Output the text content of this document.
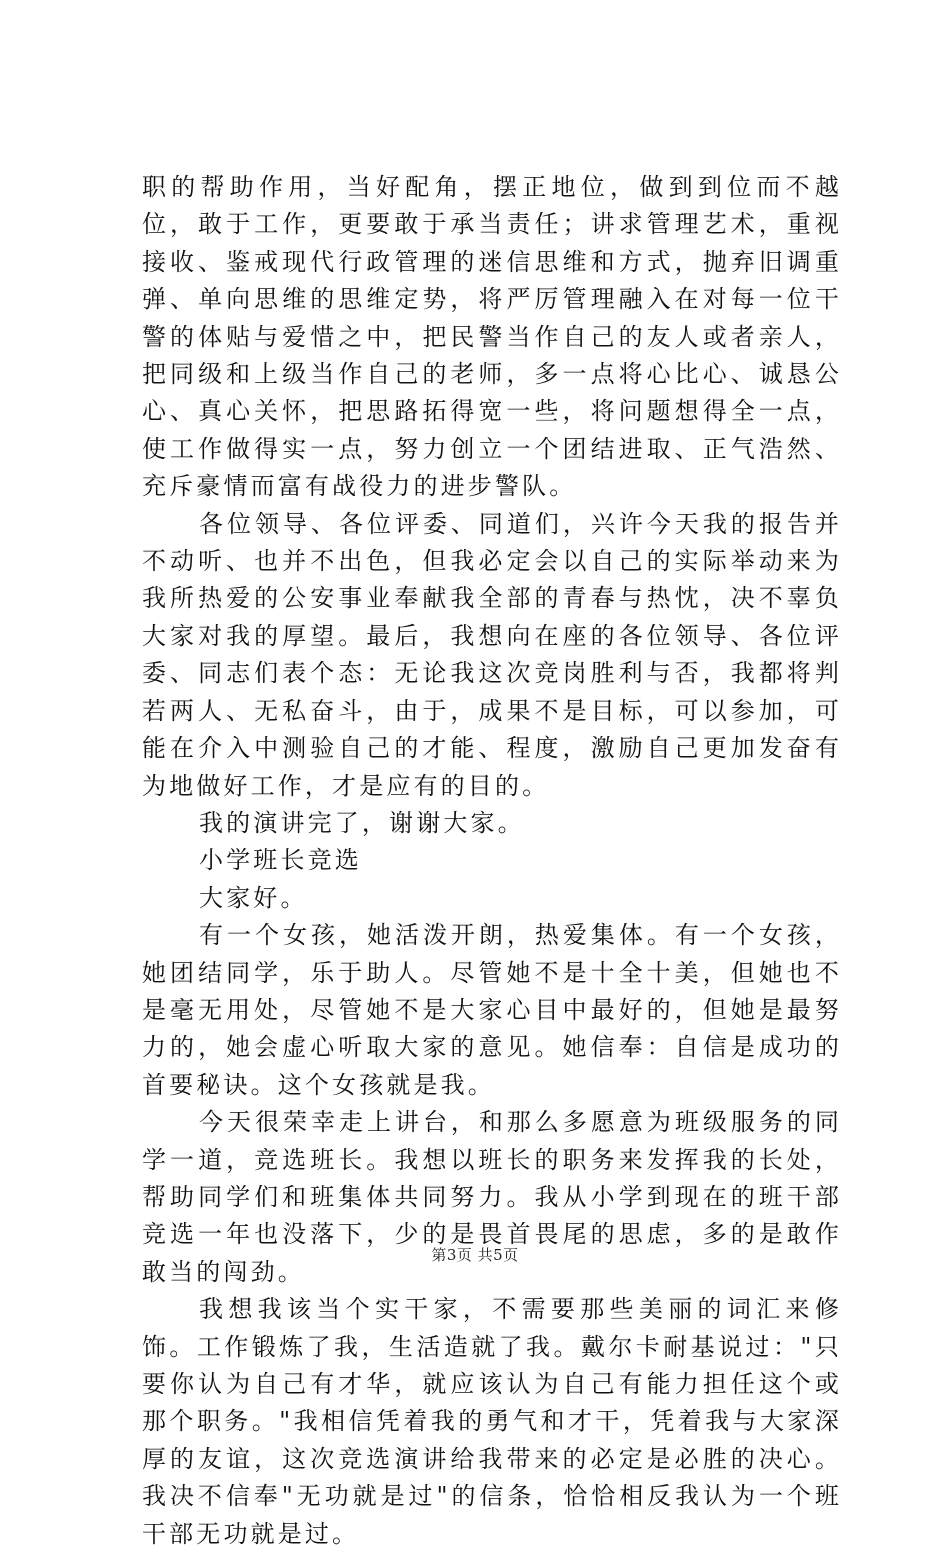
职的帮助作用，当好配角，摆正地位，做到到位而不越位，敢于工作，更要敢于承当责任；讲求管理艺术，重视接收、鉴戒现代行政管理的迷信思维和方式，抛弃旧调重弹、单向思维的思维定势，将严厉管理融入在对每一位干警的体贴与爱惜之中，把民警当作自己的友人或者亲人，把同级和上级当作自己的老师，多一点将心比心、诚恳公心、真心关怀，把思路拓得宽一些，将问题想得全一点，使工作做得实一点，努力创立一个团结进取、正气浩然、充斥豪情而富有战役力的进步警队。

各位领导、各位评委、同道们，兴许今天我的报告并不动听、也并不出色，但我必定会以自己的实际举动来为我所热爱的公安事业奉献我全部的青春与热忱，决不辜负大家对我的厚望。最后，我想向在座的各位领导、各位评委、同志们表个态：无论我这次竞岗胜利与否，我都将判若两人、无私奋斗，由于，成果不是目标，可以参加，可能在介入中测验自己的才能、程度，激励自己更加发奋有为地做好工作，才是应有的目的。

我的演讲完了，谢谢大家。

小学班长竞选

大家好。

有一个女孩，她活泼开朗，热爱集体。有一个女孩，她团结同学，乐于助人。尽管她不是十全十美，但她也不是毫无用处，尽管她不是大家心目中最好的，但她是最努力的，她会虚心听取大家的意见。她信奉：自信是成功的首要秘诀。这个女孩就是我。

今天很荣幸走上讲台，和那么多愿意为班级服务的同学一道，竞选班长。我想以班长的职务来发挥我的长处，帮助同学们和班集体共同努力。我从小学到现在的班干部竞选一年也没落下，少的是畏首畏尾的思虑，多的是敢作敢当的闯劲。

我想我该当个实干家，不需要那些美丽的词汇来修饰。工作锻炼了我，生活造就了我。戴尔卡耐基说过："只要你认为自己有才华，就应该认为自己有能力担任这个或那个职务。"我相信凭着我的勇气和才干，凭着我与大家深厚的友谊，这次竞选演讲给我带来的必定是必胜的决心。我决不信奉"无功就是过"的信条，恰恰相反我认为一个班干部无功就是过。

第3页 共5页
